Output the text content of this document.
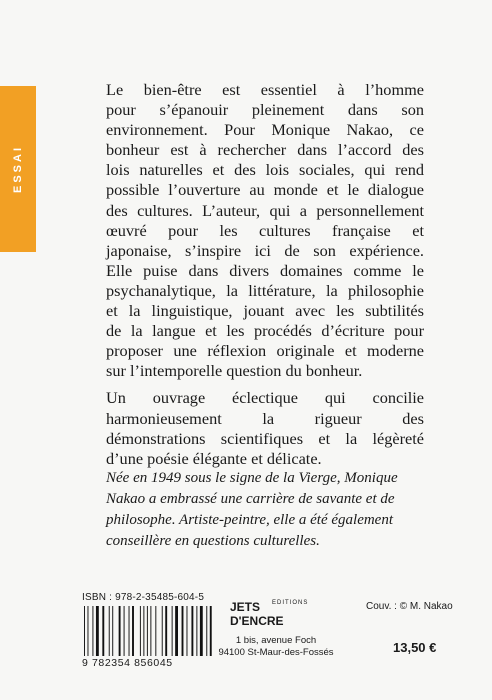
ESSAI

Le bien-être est essentiel à l’homme
pour s’épanouir pleinement dans son
environnement. Pour Monique Nakao, ce
bonheur est à rechercher dans l’accord des
lois naturelles et des lois sociales, qui rend
possible l’ouverture au monde et le dialogue
des cultures. L’auteur, qui a personnellement
œuvré pour les cultures française et
japonaise, s’inspire ici de son expérience.
Elle puise dans divers domaines comme le
psychanalytique, la littérature, la philosophie
et la linguistique, jouant avec les subtilités
de la langue et les procédés d’écriture pour
proposer une réflexion originale et moderne
sur l’intemporelle question du bonheur.

Un ouvrage éclectique qui concilie
harmonieusement la rigueur des
démonstrations scientifiques et la légèreté
d’une poésie élégante et délicate.

Née en 1949 sous le signe de la Vierge, Monique
Nakao a embrassé une carrière de savante et de
philosophe. Artiste-peintre, elle a été également
conseillère en questions culturelles.
ISBN : 978-2-35485-604-5
9 782354 856045
JETS EDITIONS
D'ENCRE
1 bis, avenue Foch
94100 St-Maur-des-Fossés
Couv. : © M. Nakao
13,50 €
